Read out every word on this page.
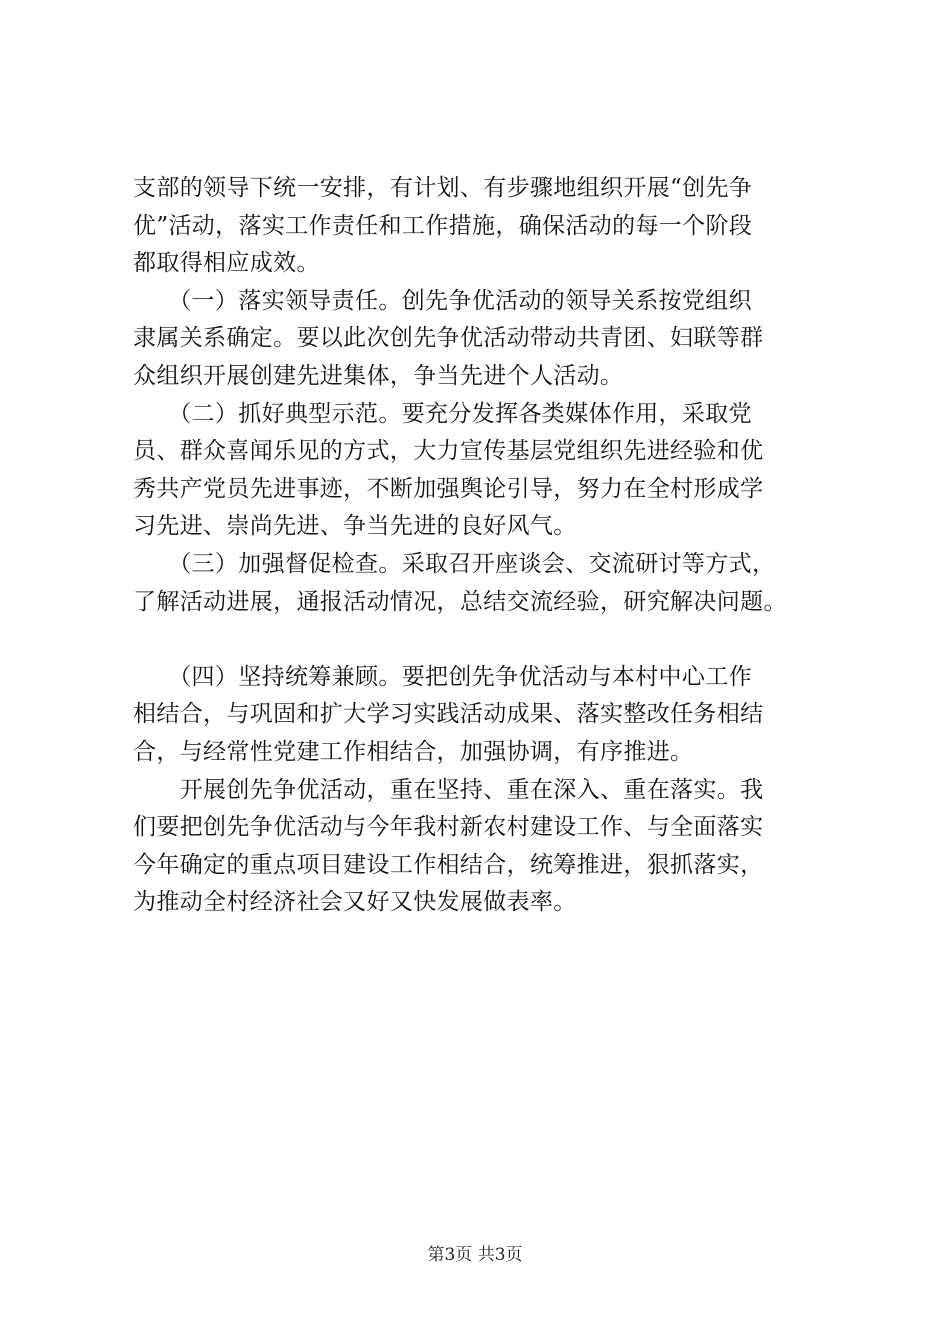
支部的领导下统一安排，有计划、有步骤地组织开展“创先争
优”活动，落实工作责任和工作措施，确保活动的每一个阶段
都取得相应成效。
　　（一）落实领导责任。创先争优活动的领导关系按党组织
隶属关系确定。要以此次创先争优活动带动共青团、妇联等群
众组织开展创建先进集体，争当先进个人活动。
　　（二）抓好典型示范。要充分发挥各类媒体作用，采取党
员、群众喜闻乐见的方式，大力宣传基层党组织先进经验和优
秀共产党员先进事迹，不断加强舆论引导，努力在全村形成学
习先进、崇尚先进、争当先进的良好风气。
　　（三）加强督促检查。采取召开座谈会、交流研讨等方式，
了解活动进展，通报活动情况，总结交流经验，研究解决问题。
　　（四）坚持统筹兼顾。要把创先争优活动与本村中心工作
相结合，与巩固和扩大学习实践活动成果、落实整改任务相结
合，与经常性党建工作相结合，加强协调，有序推进。
　　开展创先争优活动，重在坚持、重在深入、重在落实。我
们要把创先争优活动与今年我村新农村建设工作、与全面落实
今年确定的重点项目建设工作相结合，统筹推进，狠抓落实，
为推动全村经济社会又好又快发展做表率。
第3页 共3页
